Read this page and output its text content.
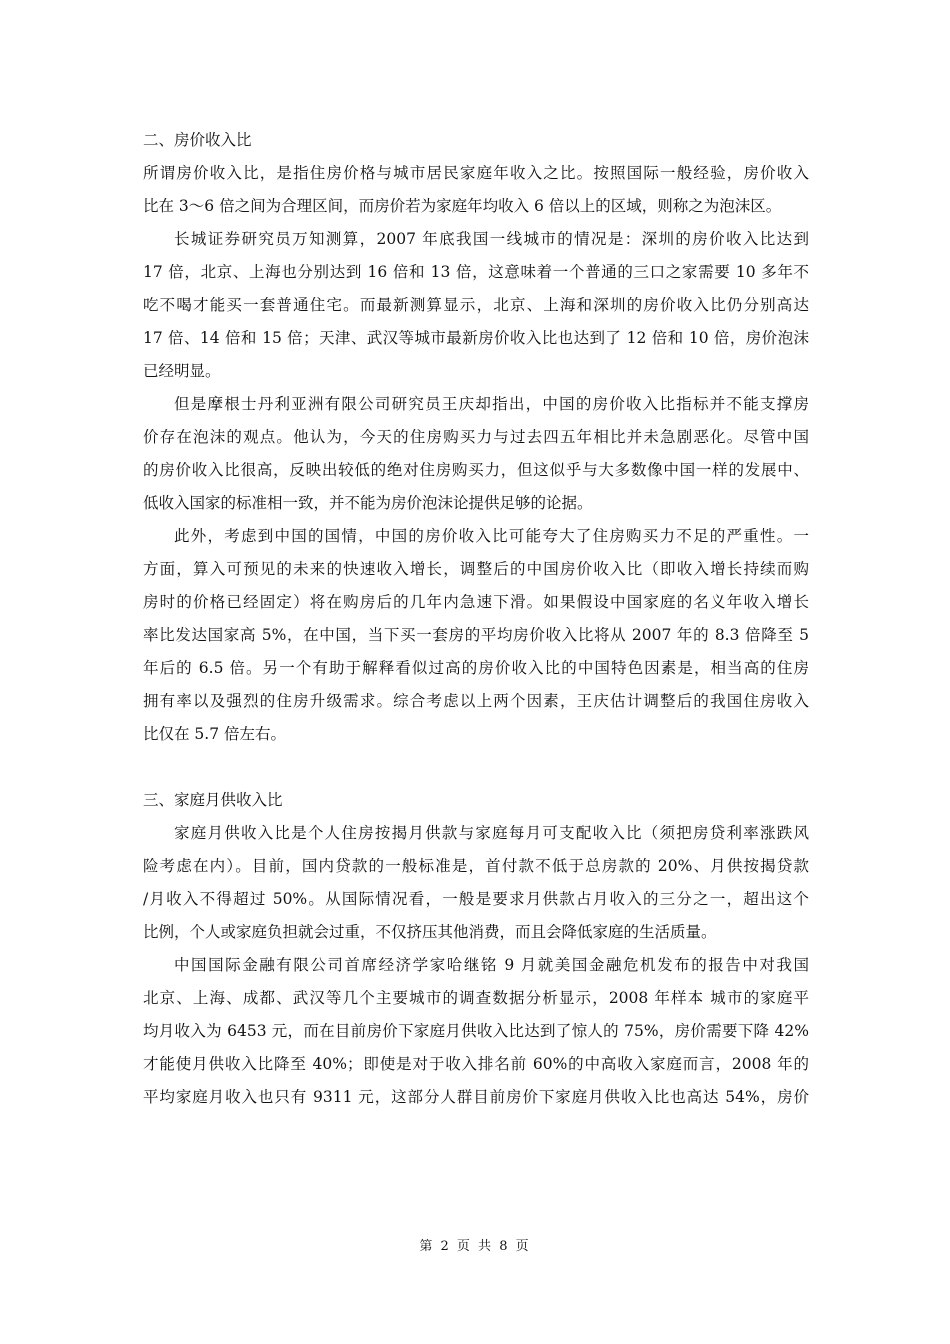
二、房价收入比
所谓房价收入比，是指住房价格与城市居民家庭年收入之比。按照国际一般经验，房价收入
比在 3～6 倍之间为合理区间，而房价若为家庭年均收入 6 倍以上的区域，则称之为泡沫区。
长城证券研究员万知测算，2007 年底我国一线城市的情况是：深圳的房价收入比达到
17 倍，北京、上海也分别达到 16 倍和 13 倍，这意味着一个普通的三口之家需要 10 多年不
吃不喝才能买一套普通住宅。而最新测算显示，北京、上海和深圳的房价收入比仍分别高达
17 倍、14 倍和 15 倍；天津、武汉等城市最新房价收入比也达到了 12 倍和 10 倍，房价泡沫
已经明显。
但是摩根士丹利亚洲有限公司研究员王庆却指出，中国的房价收入比指标并不能支撑房
价存在泡沫的观点。他认为，今天的住房购买力与过去四五年相比并未急剧恶化。尽管中国
的房价收入比很高，反映出较低的绝对住房购买力，但这似乎与大多数像中国一样的发展中、
低收入国家的标准相一致，并不能为房价泡沫论提供足够的论据。
此外，考虑到中国的国情，中国的房价收入比可能夸大了住房购买力不足的严重性。一
方面，算入可预见的未来的快速收入增长，调整后的中国房价收入比（即收入增长持续而购
房时的价格已经固定）将在购房后的几年内急速下滑。如果假设中国家庭的名义年收入增长
率比发达国家高 5%，在中国，当下买一套房的平均房价收入比将从 2007 年的 8.3 倍降至 5
年后的 6.5 倍。另一个有助于解释看似过高的房价收入比的中国特色因素是，相当高的住房
拥有率以及强烈的住房升级需求。综合考虑以上两个因素，王庆估计调整后的我国住房收入
比仅在 5.7 倍左右。
三、家庭月供收入比
家庭月供收入比是个人住房按揭月供款与家庭每月可支配收入比（须把房贷利率涨跌风
险考虑在内）。目前，国内贷款的一般标准是，首付款不低于总房款的 20%、月供按揭贷款
/月收入不得超过 50%。从国际情况看，一般是要求月供款占月收入的三分之一，超出这个
比例，个人或家庭负担就会过重，不仅挤压其他消费，而且会降低家庭的生活质量。
中国国际金融有限公司首席经济学家哈继铭 9 月就美国金融危机发布的报告中对我国
北京、上海、成都、武汉等几个主要城市的调查数据分析显示，2008 年样本 城市的家庭平
均月收入为 6453 元，而在目前房价下家庭月供收入比达到了惊人的 75%，房价需要下降 42%
才能使月供收入比降至 40%；即使是对于收入排名前 60%的中高收入家庭而言，2008 年的
平均家庭月收入也只有 9311 元，这部分人群目前房价下家庭月供收入比也高达 54%，房价
第 2 页 共 8 页
